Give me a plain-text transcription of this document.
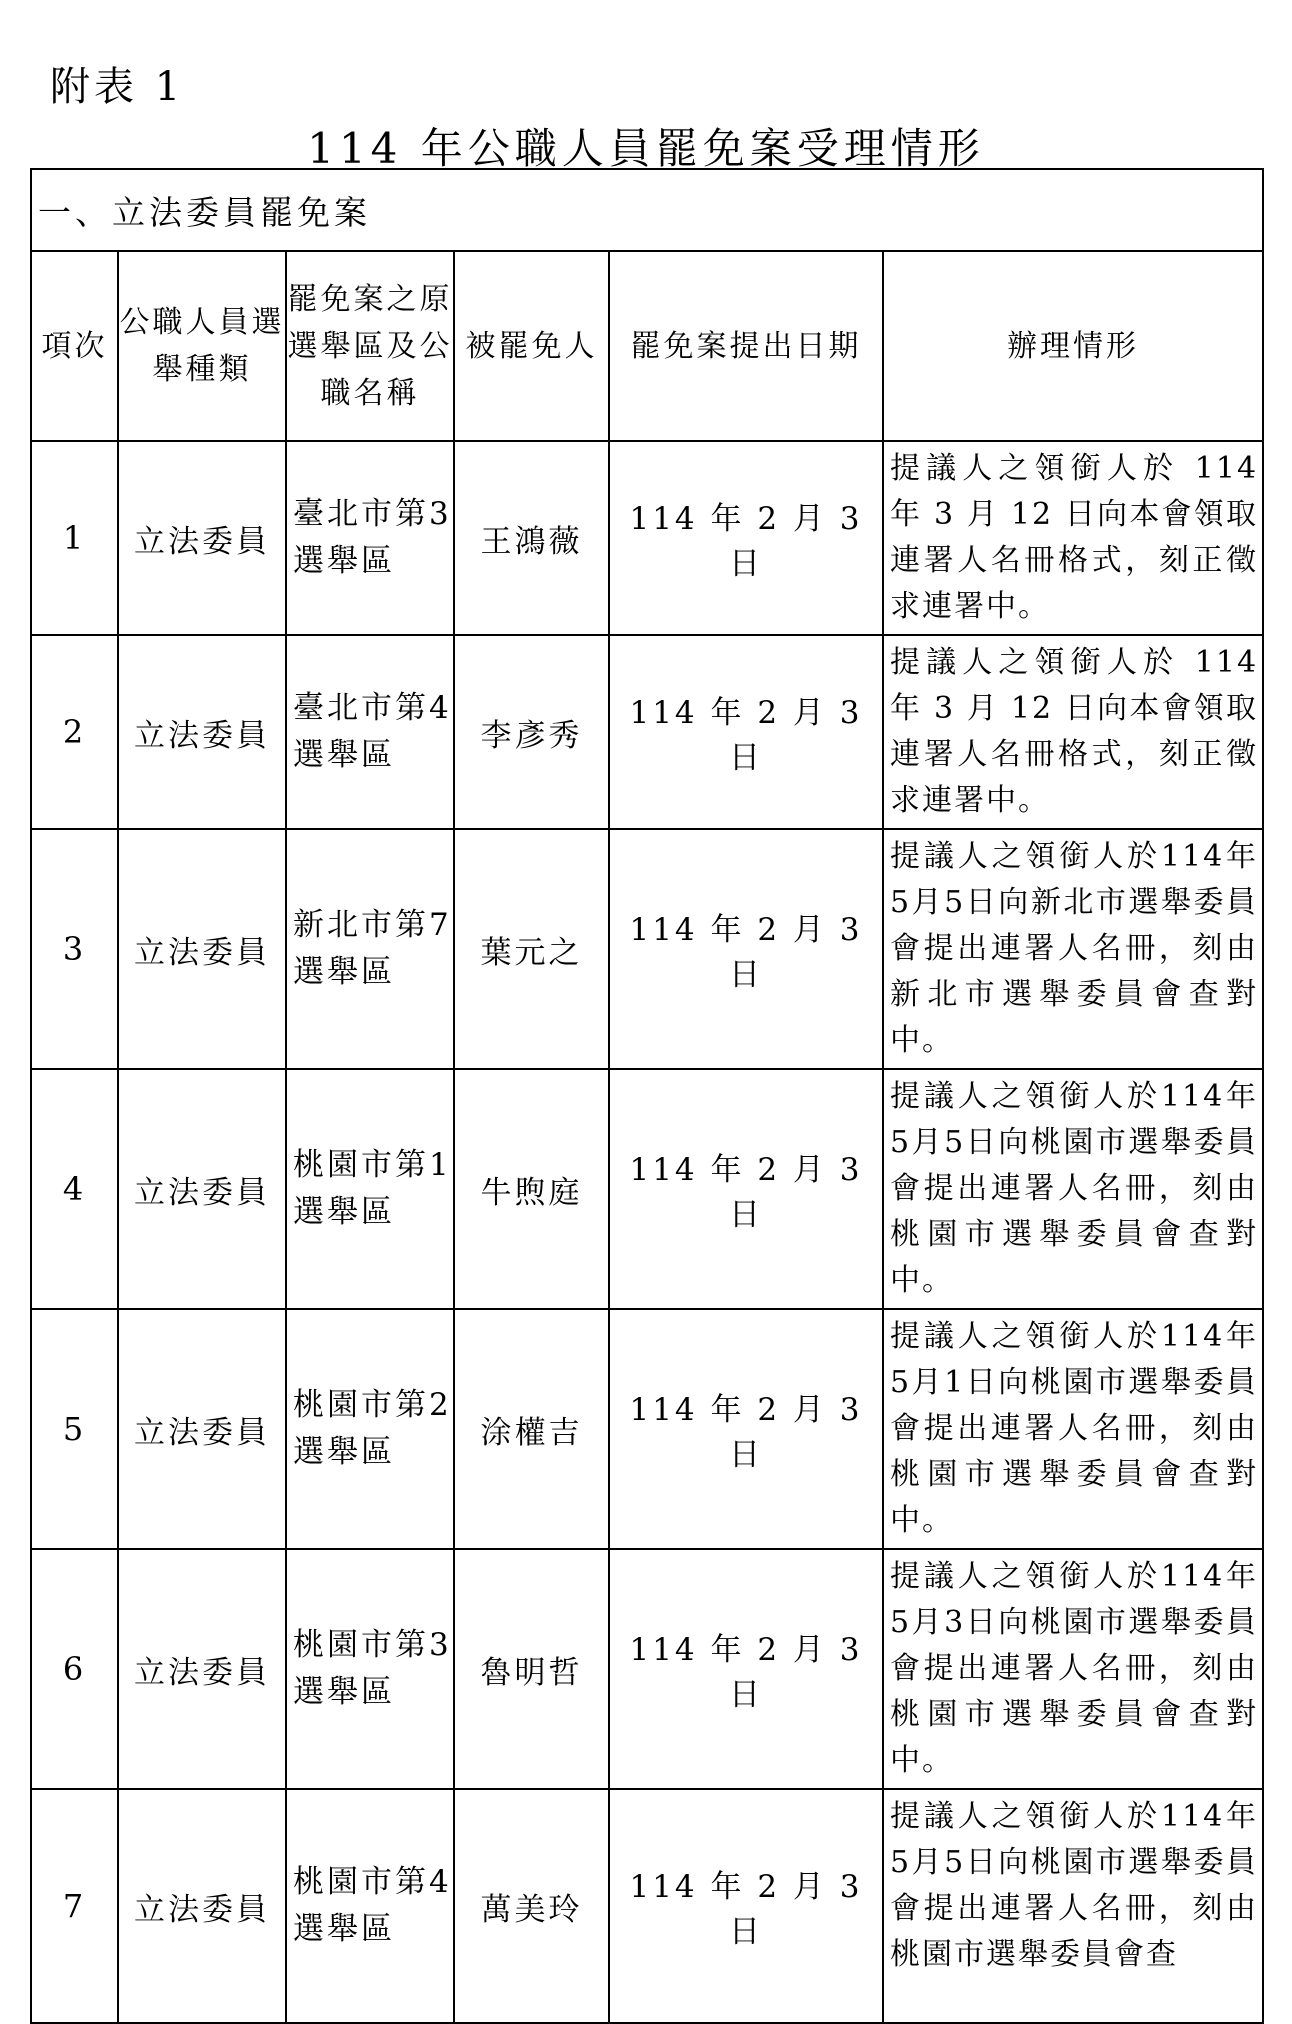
附表 1
114 年公職人員罷免案受理情形
一、立法委員罷免案					
項次	公職人員選舉種類	罷免案之原選舉區及公職名稱	被罷免人	罷免案提出日期	辦理情形
1	立法委員	臺北市第3選舉區	王鴻薇	114 年 2 月 3 日	提議人之領銜人於 114 年 3 月 12 日向本會領取連署人名冊格式，刻正徵求連署中。
2	立法委員	臺北市第4選舉區	李彥秀	114 年 2 月 3 日	提議人之領銜人於 114 年 3 月 12 日向本會領取連署人名冊格式，刻正徵求連署中。
3	立法委員	新北市第7選舉區	葉元之	114 年 2 月 3 日	提議人之領銜人於114年5月5日向新北市選舉委員會提出連署人名冊，刻由新北市選舉委員會查對中。
4	立法委員	桃園市第1選舉區	牛煦庭	114 年 2 月 3 日	提議人之領銜人於114年5月5日向桃園市選舉委員會提出連署人名冊，刻由桃園市選舉委員會查對中。
5	立法委員	桃園市第2選舉區	涂權吉	114 年 2 月 3 日	提議人之領銜人於114年5月1日向桃園市選舉委員會提出連署人名冊，刻由桃園市選舉委員會查對中。
6	立法委員	桃園市第3選舉區	魯明哲	114 年 2 月 3 日	提議人之領銜人於114年5月3日向桃園市選舉委員會提出連署人名冊，刻由桃園市選舉委員會查對中。
7	立法委員	桃園市第4選舉區	萬美玲	114 年 2 月 3 日	提議人之領銜人於114年5月5日向桃園市選舉委員會提出連署人名冊，刻由桃園市選舉委員會查
